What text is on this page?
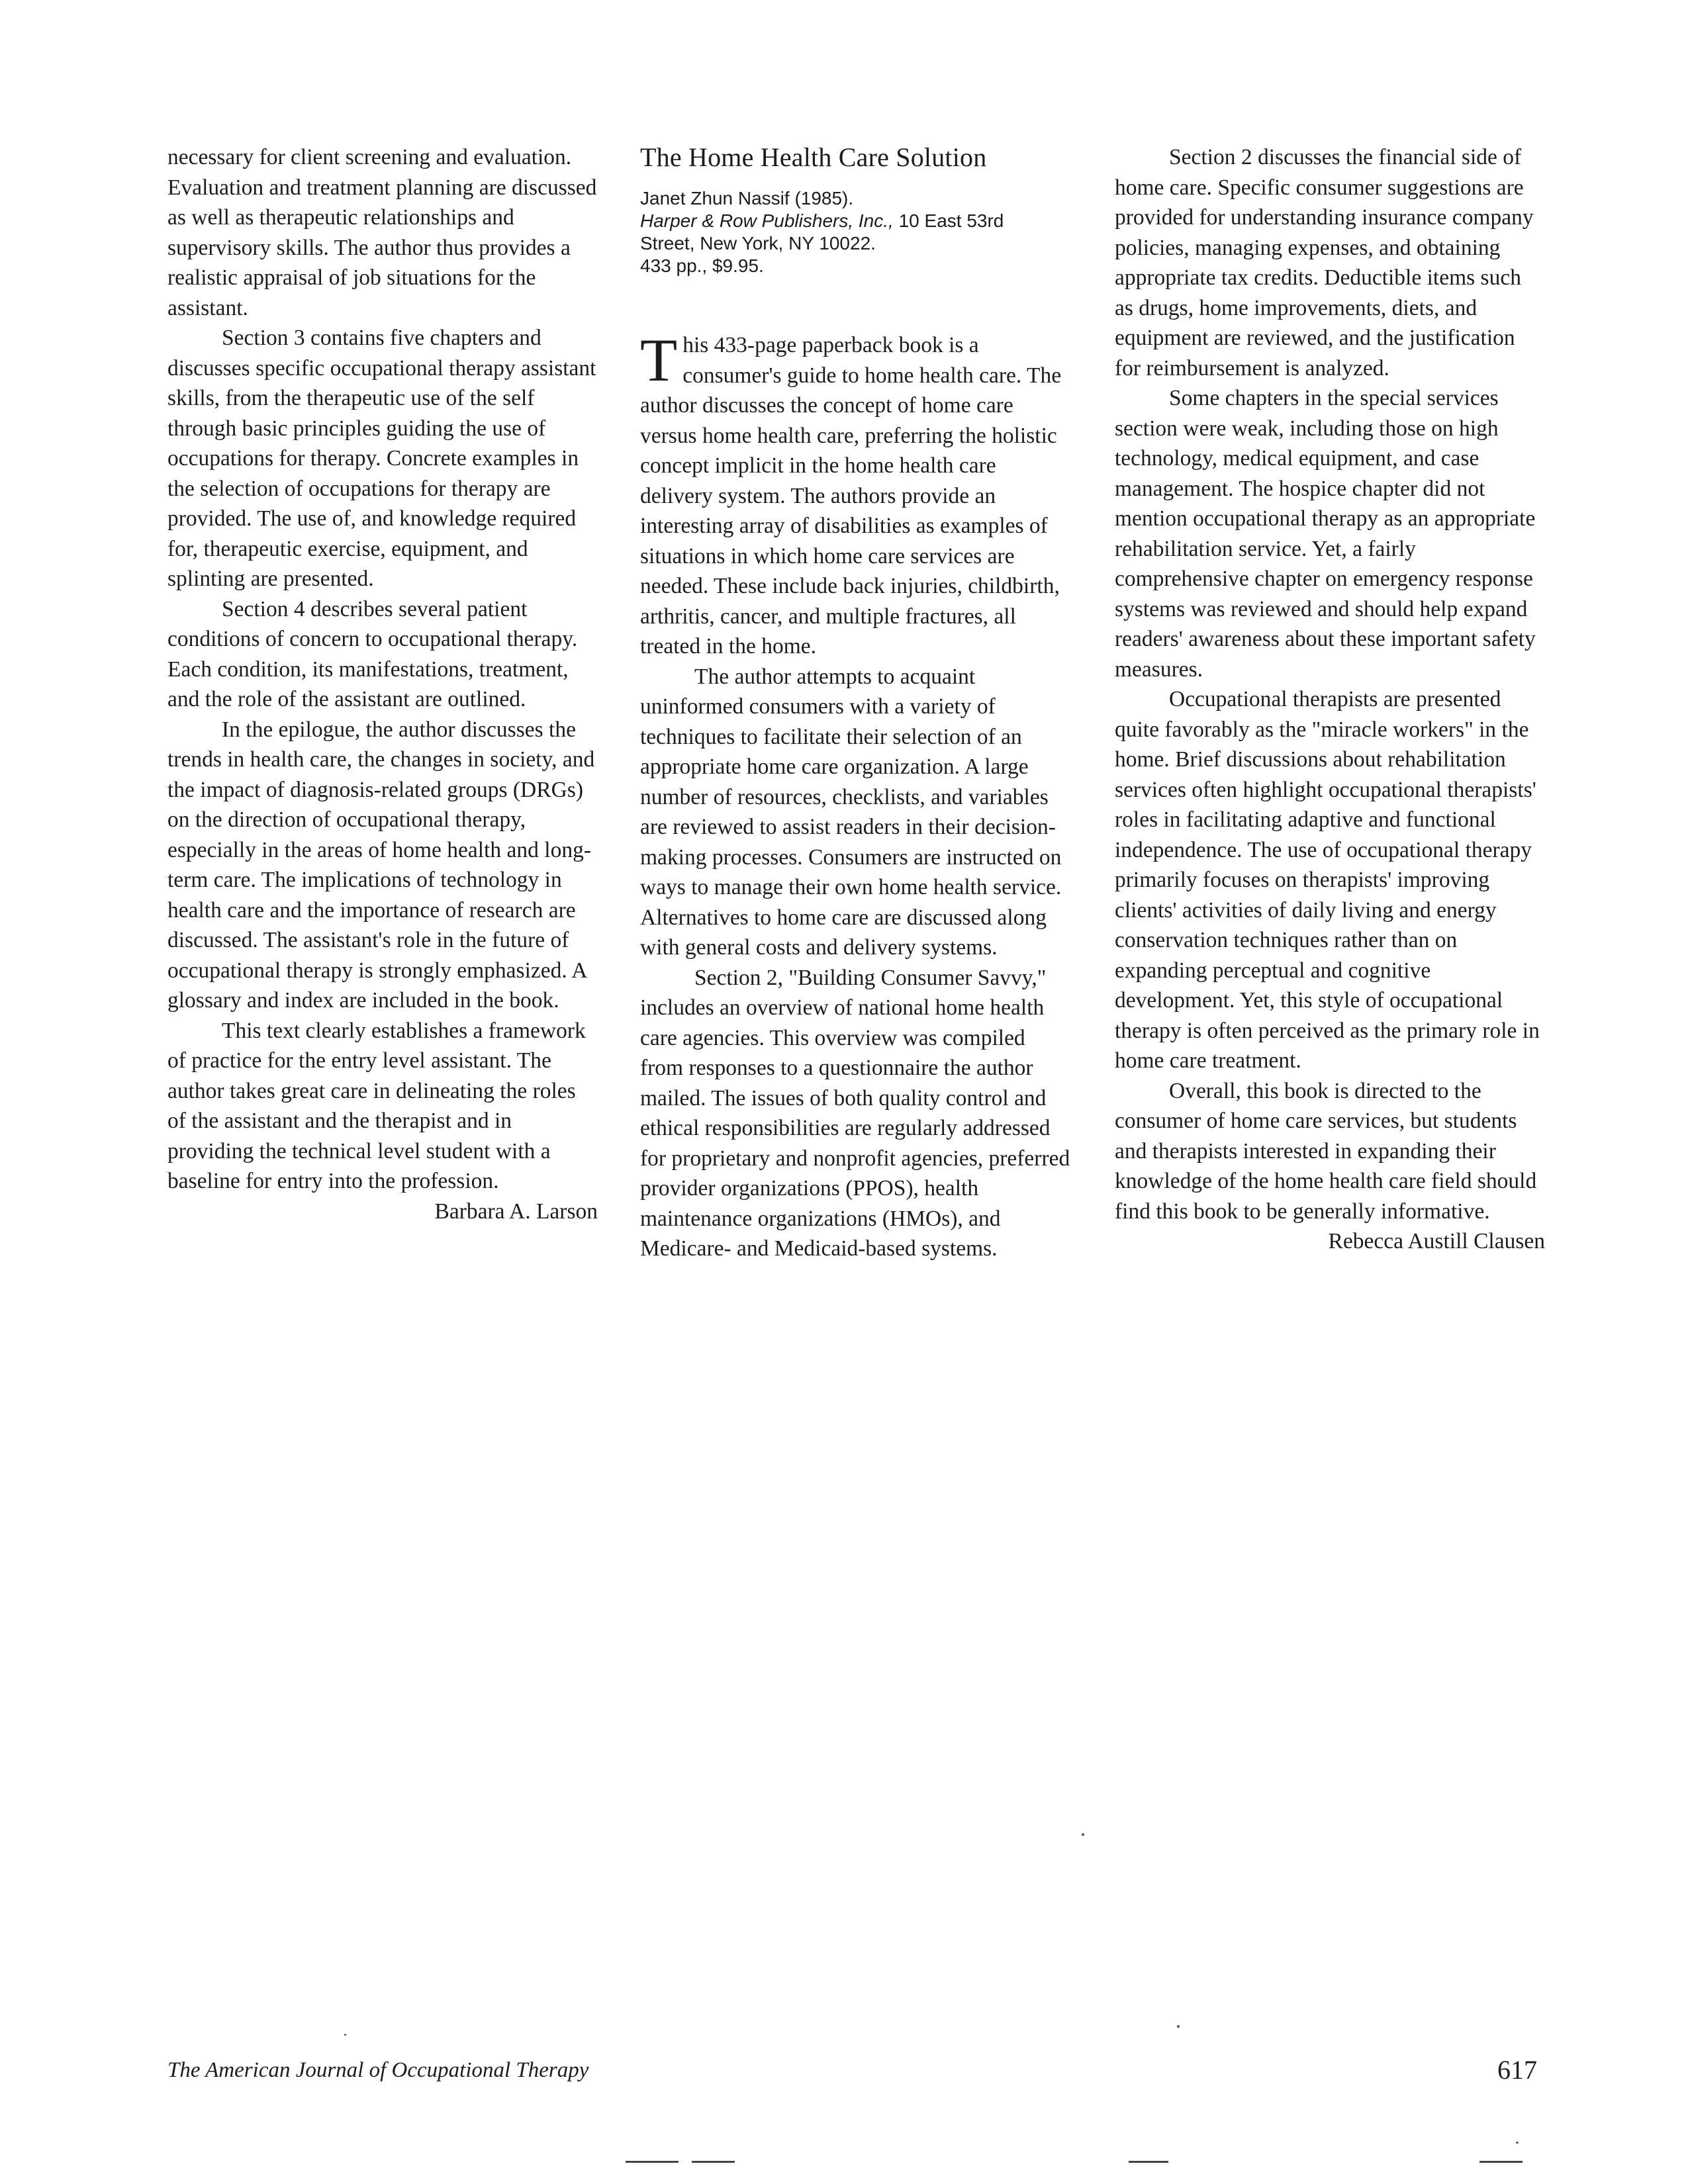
necessary for client screening and evaluation. Evaluation and treatment planning are discussed as well as therapeutic relationships and supervisory skills. The author thus provides a realistic appraisal of job situations for the assistant.

Section 3 contains five chapters and discusses specific occupational therapy assistant skills, from the therapeutic use of the self through basic principles guiding the use of occupations for therapy. Concrete examples in the selection of occupations for therapy are provided. The use of, and knowledge required for, therapeutic exercise, equipment, and splinting are presented.

Section 4 describes several patient conditions of concern to occupational therapy. Each condition, its manifestations, treatment, and the role of the assistant are outlined.

In the epilogue, the author discusses the trends in health care, the changes in society, and the impact of diagnosis-related groups (DRGs) on the direction of occupational therapy, especially in the areas of home health and long-term care. The implications of technology in health care and the importance of research are discussed. The assistant's role in the future of occupational therapy is strongly emphasized. A glossary and index are included in the book.

This text clearly establishes a framework of practice for the entry level assistant. The author takes great care in delineating the roles of the assistant and the therapist and in providing the technical level student with a baseline for entry into the profession.

Barbara A. Larson
The Home Health Care Solution
Janet Zhun Nassif (1985).
Harper & Row Publishers, Inc., 10 East 53rd
Street, New York, NY 10022.
433 pp., $9.95.

This 433-page paperback book is a consumer's guide to home health care. The author discusses the concept of home care versus home health care, preferring the holistic concept implicit in the home health care delivery system. The authors provide an interesting array of disabilities as examples of situations in which home care services are needed. These include back injuries, childbirth, arthritis, cancer, and multiple fractures, all treated in the home.

The author attempts to acquaint uninformed consumers with a variety of techniques to facilitate their selection of an appropriate home care organization. A large number of resources, checklists, and variables are reviewed to assist readers in their decision-making processes. Consumers are instructed on ways to manage their own home health service. Alternatives to home care are discussed along with general costs and delivery systems.

Section 2, "Building Consumer Savvy," includes an overview of national home health care agencies. This overview was compiled from responses to a questionnaire the author mailed. The issues of both quality control and ethical responsibilities are regularly addressed for proprietary and nonprofit agencies, preferred provider organizations (PPOS), health maintenance organizations (HMOs), and Medicare- and Medicaid-based systems.

Section 2 discusses the financial side of home care. Specific consumer suggestions are provided for understanding insurance company policies, managing expenses, and obtaining appropriate tax credits. Deductible items such as drugs, home improvements, diets, and equipment are reviewed, and the justification for reimbursement is analyzed.

Some chapters in the special services section were weak, including those on high technology, medical equipment, and case management. The hospice chapter did not mention occupational therapy as an appropriate rehabilitation service. Yet, a fairly comprehensive chapter on emergency response systems was reviewed and should help expand readers' awareness about these important safety measures.

Occupational therapists are presented quite favorably as the "miracle workers" in the home. Brief discussions about rehabilitation services often highlight occupational therapists' roles in facilitating adaptive and functional independence. The use of occupational therapy primarily focuses on therapists' improving clients' activities of daily living and energy conservation techniques rather than on expanding perceptual and cognitive development. Yet, this style of occupational therapy is often perceived as the primary role in home care treatment.

Overall, this book is directed to the consumer of home care services, but students and therapists interested in expanding their knowledge of the home health care field should find this book to be generally informative.

Rebecca Austill Clausen
The American Journal of Occupational Therapy	617
